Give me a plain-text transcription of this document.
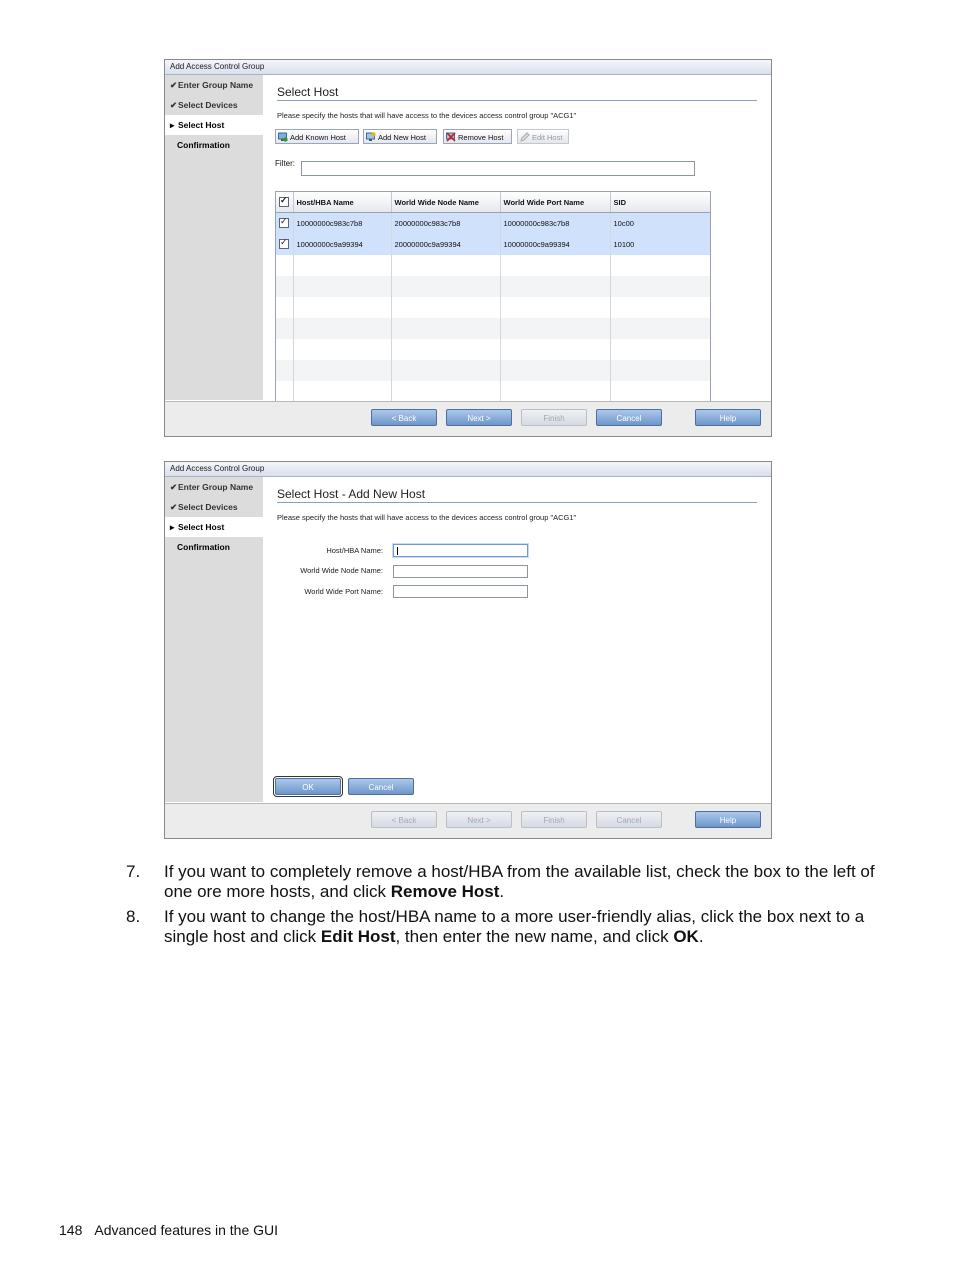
Add Access Control Group
✔Enter Group Name
✔Select Devices
▸ Select Host
Confirmation
Select Host
Please specify the hosts that will have access to the devices access control group "ACG1"
Add Known Host	Add New Host	Remove Host	Edit Host
Filter:
✓	Host/HBA Name	World Wide Node Name	World Wide Port Name	SID
✓	10000000c983c7b8	20000000c983c7b8	10000000c983c7b8	10c00
✓	10000000c9a99394	20000000c9a99394	10000000c9a99394	10100

< Back	Next >	Finish	Cancel	Help
Add Access Control Group
✔Enter Group Name
✔Select Devices
▸ Select Host
Confirmation
Select Host - Add New Host
Please specify the hosts that will have access to the devices access control group "ACG1"
Host/HBA Name:
World Wide Node Name:
World Wide Port Name:
OK	Cancel
< Back	Next >	Finish	Cancel	Help
7. If you want to completely remove a host/HBA from the available list, check the box to the left of one ore more hosts, and click Remove Host.
8. If you want to change the host/HBA name to a more user-friendly alias, click the box next to a single host and click Edit Host, then enter the new name, and click OK.
148 Advanced features in the GUI
